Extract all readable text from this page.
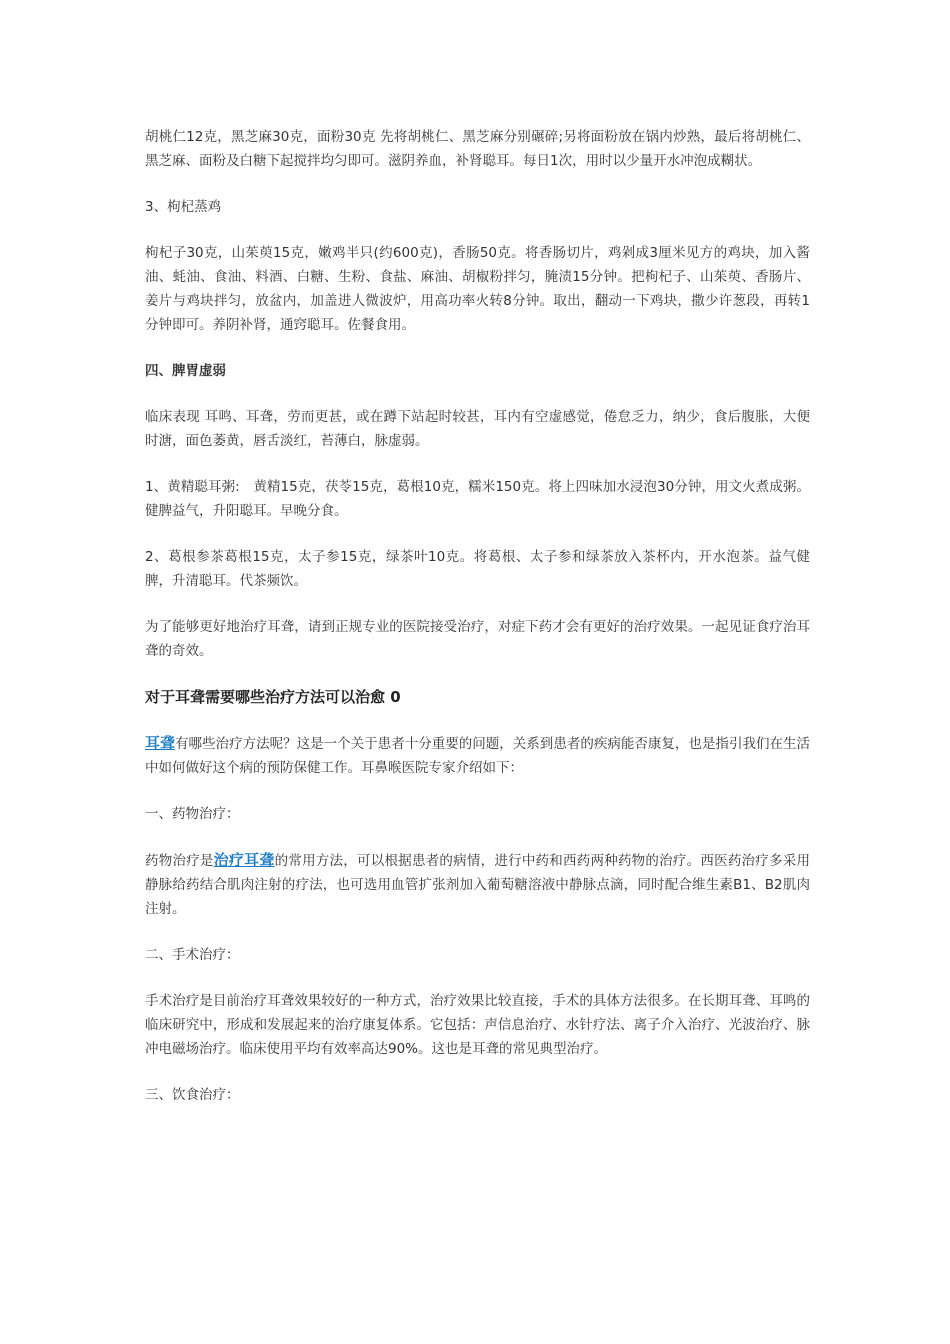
胡桃仁12克，黑芝麻30克，面粉30克 先将胡桃仁、黑芝麻分别碾碎;另将面粉放在锅内炒熟，最后将胡桃仁、黑芝麻、面粉及白糖下起搅拌均匀即可。滋阴养血，补肾聪耳。每日1次，用时以少量开水冲泡成糊状。

3、枸杞蒸鸡

枸杞子30克，山茱萸15克，嫩鸡半只(约600克)，香肠50克。将香肠切片，鸡剁成3厘米见方的鸡块，加入酱油、蚝油、食油、料酒、白糖、生粉、食盐、麻油、胡椒粉拌匀，腌渍15分钟。把枸杞子、山茱萸、香肠片、姜片与鸡块拌匀，放盆内，加盖进人微波炉，用高功率火转8分钟。取出，翻动一下鸡块，撒少许葱段，再转1分钟即可。养阴补肾，通窍聪耳。佐餐食用。

四、脾胃虚弱

临床表现 耳鸣、耳聋，劳而更甚，或在蹲下站起时较甚，耳内有空虚感觉，倦怠乏力，纳少，食后腹胀，大便时溏，面色萎黄，唇舌淡红，苔薄白，脉虚弱。

1、黄精聪耳粥:　黄精15克，茯苓15克，葛根10克，糯米150克。将上四味加水浸泡30分钟，用文火煮成粥。健脾益气，升阳聪耳。早晚分食。

2、葛根参茶葛根15克，太子参15克，绿茶叶10克。将葛根、太子参和绿茶放入茶杯内，开水泡茶。益气健脾，升清聪耳。代茶频饮。

为了能够更好地治疗耳聋，请到正规专业的医院接受治疗，对症下药才会有更好的治疗效果。一起见证食疗治耳聋的奇效。

对于耳聋需要哪些治疗方法可以治愈 0

耳聋有哪些治疗方法呢？这是一个关于患者十分重要的问题，关系到患者的疾病能否康复，也是指引我们在生活中如何做好这个病的预防保健工作。耳鼻喉医院专家介绍如下：

一、药物治疗：

药物治疗是治疗耳聋的常用方法，可以根据患者的病情，进行中药和西药两种药物的治疗。西医药治疗多采用静脉给药结合肌肉注射的疗法，也可选用血管扩张剂加入葡萄糖溶液中静脉点滴，同时配合维生素B1、B2肌肉注射。

二、手术治疗：

手术治疗是目前治疗耳聋效果较好的一种方式，治疗效果比较直接，手术的具体方法很多。在长期耳聋、耳鸣的临床研究中，形成和发展起来的治疗康复体系。它包括：声信息治疗、水针疗法、离子介入治疗、光波治疗、脉冲电磁场治疗。临床使用平均有效率高达90%。这也是耳聋的常见典型治疗。

三、饮食治疗：
